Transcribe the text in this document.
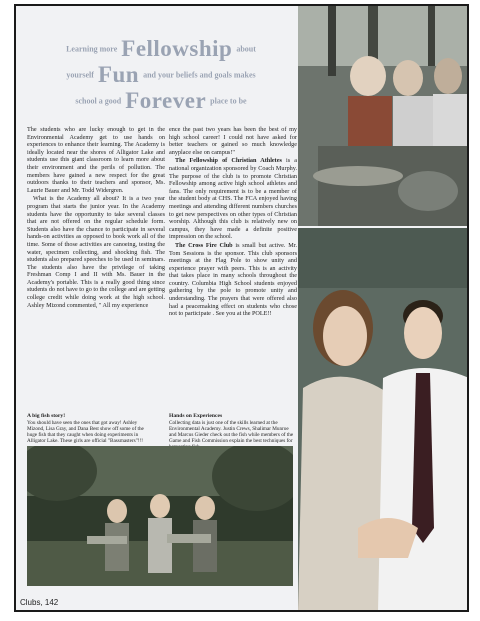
Learning more Fellowship about
yourself Fun and your beliefs and goals makes
school a good Forever place to be

The students who are lucky enough to get in the Environmental Academy get to use hands on experiences to enhance their learning. The Academy is ideally located near the shores of Alligator Lake and students use this giant classroom to learn more about their environment and the perils of pollution. The members have gained a new respect for the great outdoors thanks to their teachers and sponsor, Ms. Laurie Bauer and Mr. Todd Widergren.

What is the Academy all about? It is a two year program that starts the junior year. In the Academy students have the opportunity to take several classes that are not offered on the regular schedule form. Students also have the chance to participate in several hands-on activities as opposed to book work all of the time. Some of those activities are canoeing, testing the water, specimen collecting, and shocking fish. The students also prepared speeches to be used in seminars. The students also have the privilege of taking Freshman Comp I and II with Ms. Bauer in the Academy's portable. This is a really good thing since students do not have to go to the college and are getting college credit while doing work at the high school. Ashley Mizond commented, " All my experience

ence the past two years has been the best of my high school career! I could not have asked for better teachers or gained so much knowledge anyplace else on campus!"

The Fellowship of Christian Athletes is a national organization sponsored by Coach Murphy. The purpose of the club is to promote Christian Fellowship among active high school athletes and fans. The only requirement is to be a member of the student body at CHS. The FCA enjoyed having meetings and attending different numbers churches to get new perspectives on other types of Christian worship. Although this club is relatively new on campus, they have made a definite positive impression on the school.

The Cross Fire Club is small but active. Mr. Tom Sessions is the sponsor. This club sponsors meetings at the Flag Pole to show unity and experience prayer with peers. This is an activity that takes place in many schools throughout the country. Columbia High School students enjoyed gathering by the pole to promote unity and understanding. The prayers that were offered also had a peacemaking effect on students who chose not to participate . See you at the POLE!!

A big fish story!
You should have seen the ones that got away! Ashley Mizond, Lisa Gray, and Dana Best show off some of the huge fish that they caught when doing experiments in Alligator Lake. These girls are official "Bassmasters"!!!
Hands on Experiences
Collecting data is just one of the skills learned at the Environmental Academy. Justin Crews, Shalimar Munroe and Marcus Gieder check out the fish while members of the Game and Fish Commission explain the best techniques for
Clubs, 142
